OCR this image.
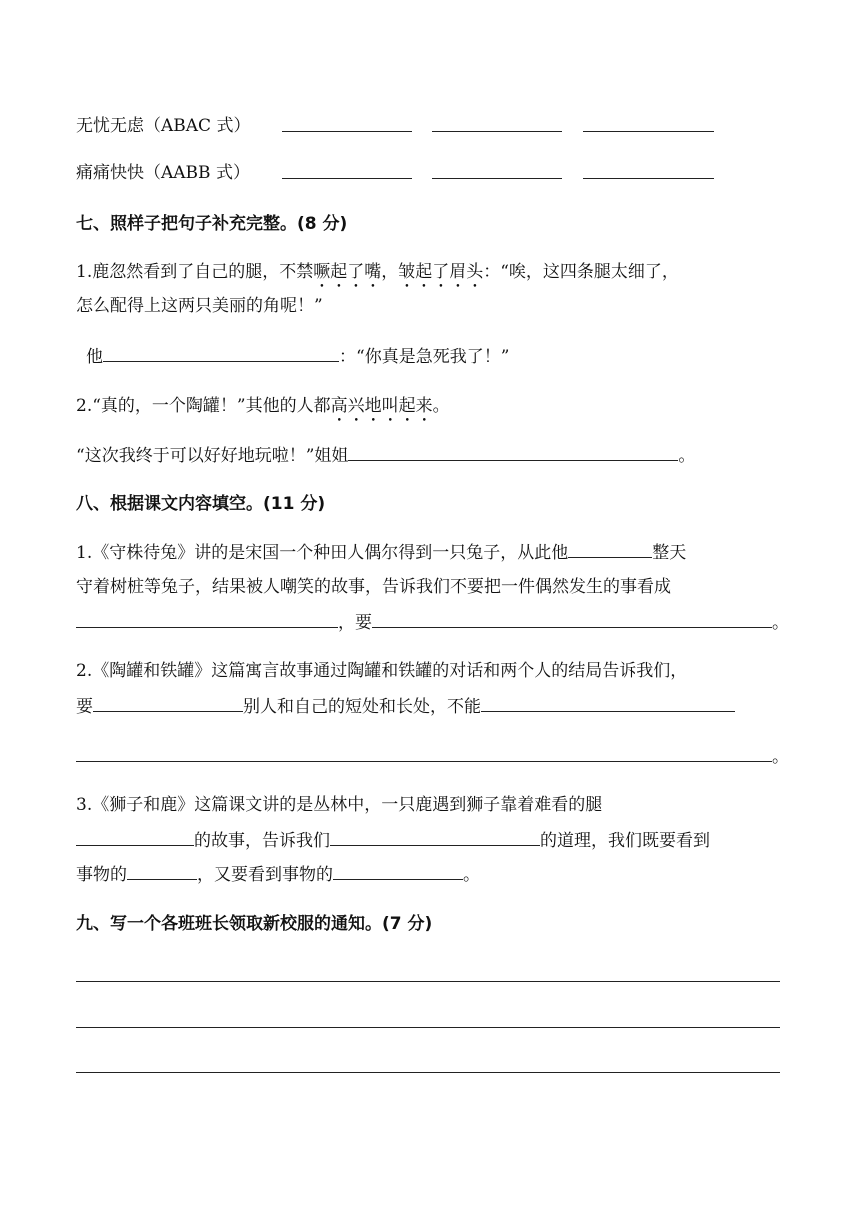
无忧无虑（ABAC 式）
痛痛快快（AABB 式）
七、照样子把句子补充完整。(8 分)
1.鹿忽然看到了自己的腿，不禁噘起了嘴，皱起了眉头：“唉，这四条腿太细了，
怎么配得上这两只美丽的角呢！”
他	：“你真是急死我了！”
2.“真的，一个陶罐！”其他的人都高兴地叫起来。
“这次我终于可以好好地玩啦！”姐姐	。
八、根据课文内容填空。(11 分)
1.《守株待兔》讲的是宋国一个种田人偶尔得到一只兔子，从此他	整天
守着树桩等兔子，结果被人嘲笑的故事，告诉我们不要把一件偶然发生的事看成
，要	。
2.《陶罐和铁罐》这篇寓言故事通过陶罐和铁罐的对话和两个人的结局告诉我们，
要	别人和自己的短处和长处，不能
。
3.《狮子和鹿》这篇课文讲的是丛林中，一只鹿遇到狮子靠着难看的腿
的故事，告诉我们	的道理，我们既要看到
事物的	，又要看到事物的	。
九、写一个各班班长领取新校服的通知。(7 分)
